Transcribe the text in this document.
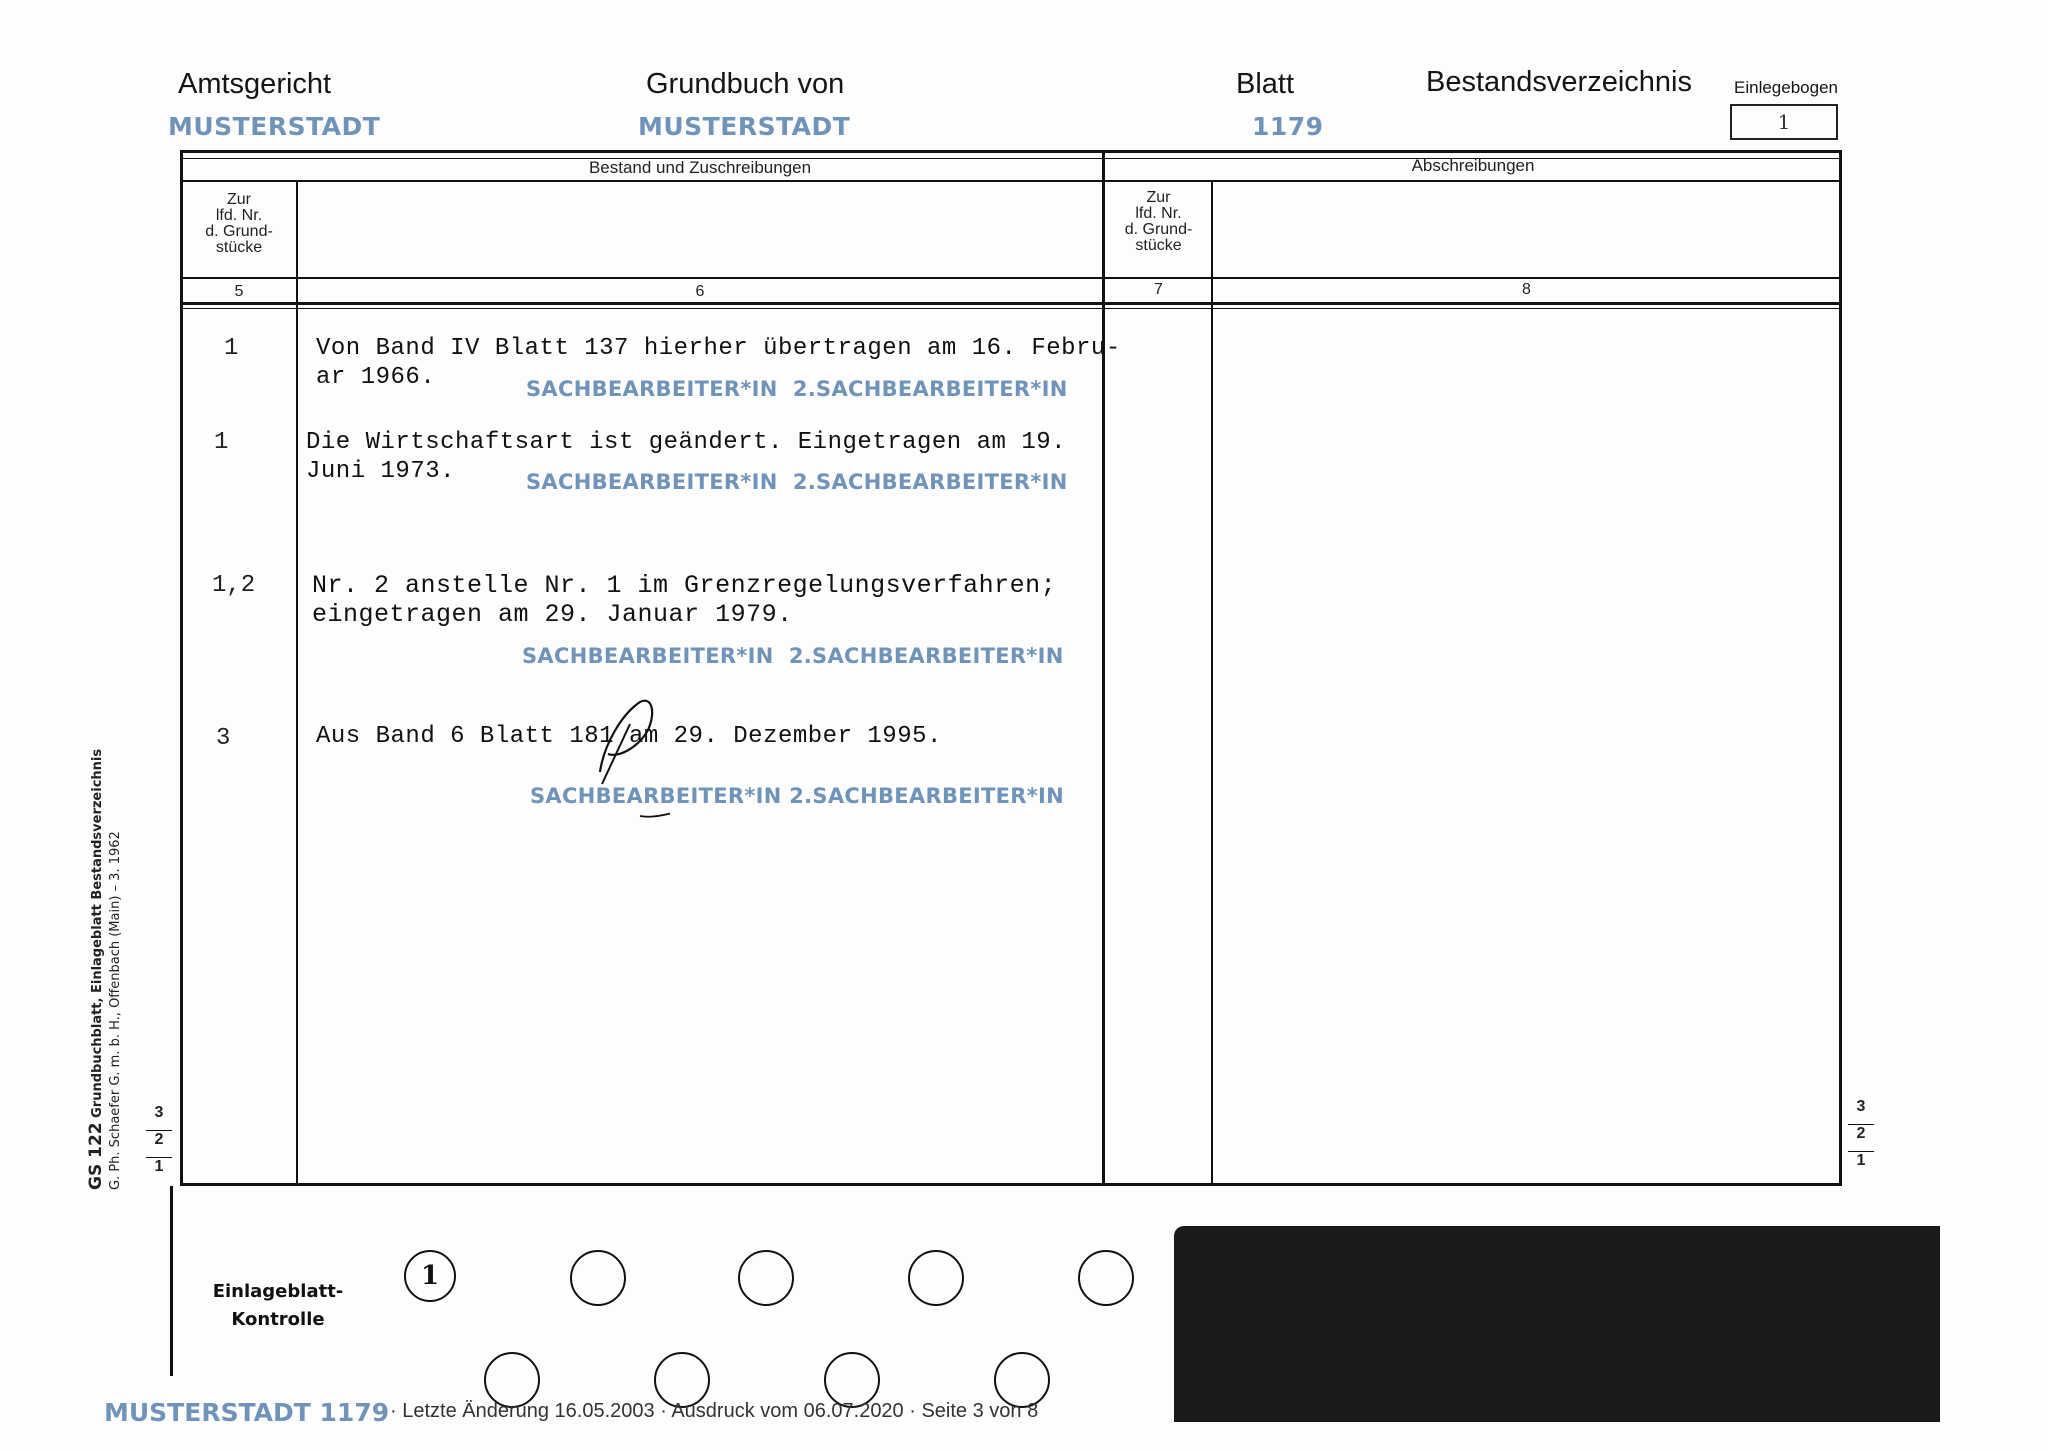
Amtsgericht
MUSTERSTADT
Grundbuch von
MUSTERSTADT
Blatt
1179
Bestandsverzeichnis Einlegebogen
1
Bestand und Zuschreibungen	Abschreibungen
Zur
lfd. Nr.
d. Grund-
stücke
Zur
lfd. Nr.
d. Grund-
stücke
5	6	7	8
1	Von Band IV Blatt 137 hierher übertragen am 16. Febru-
ar 1966.	SACHBEARBEITER*IN  2.SACHBEARBEITER*IN
1	Die Wirtschaftsart ist geändert. Eingetragen am 19.
Juni 1973.	SACHBEARBEITER*IN  2.SACHBEARBEITER*IN
1,2 Nr. 2 anstelle Nr. 1 im Grenzregelungsverfahren;
eingetragen am 29. Januar 1979.
SACHBEARBEITER*IN  2.SACHBEARBEITER*IN
3	Aus Band 6 Blatt 181 am 29. Dezember 1995.
SACHBEARBEITER*IN 2.SACHBEARBEITER*IN
GS 122 Grundbuchblatt, Einlageblatt Bestandsverzeichnis G. Ph. Schaefer G. m. b. H., Offenbach (Main) – 3. 1962	3
2
1
3
2
1
Einlageblatt-
Kontrolle
1
MUSTERSTADT 1179 · Letzte Änderung 16.05.2003 · Ausdruck vom 06.07.2020 · Seite 3 von 8
